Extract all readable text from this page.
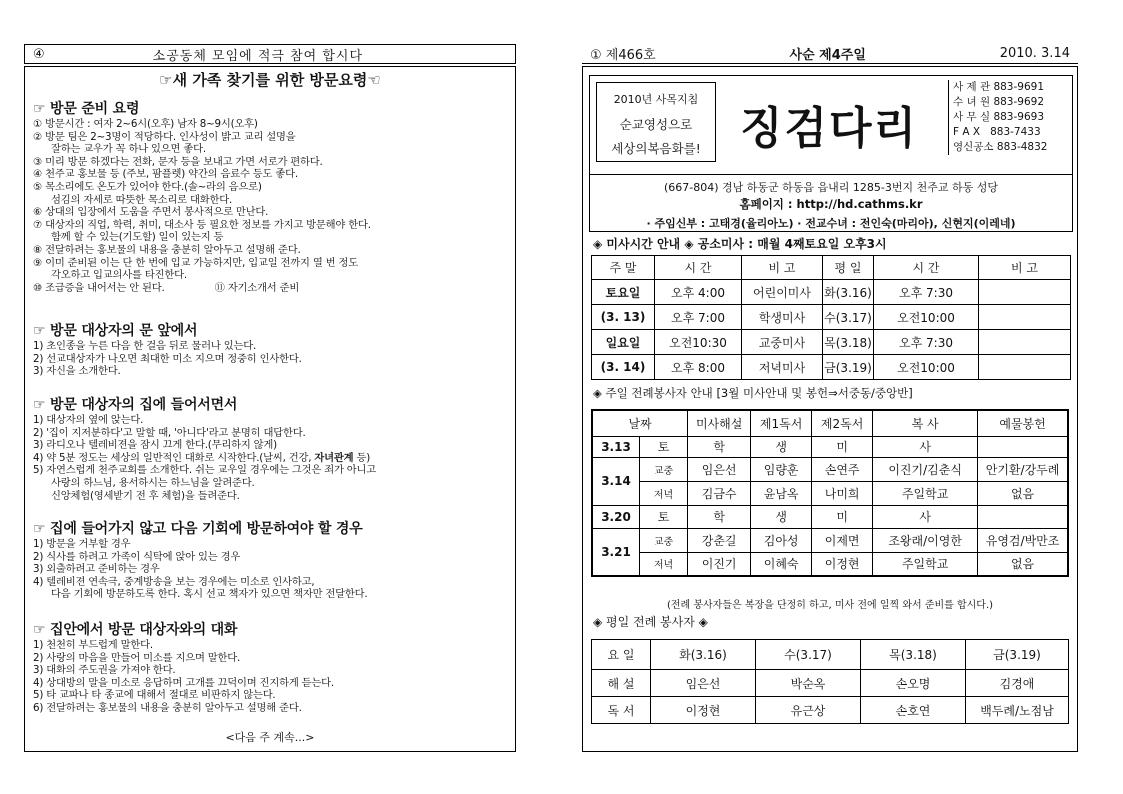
④	소공동체 모임에 적극 참여 합시다
☞새 가족 찾기를 위한 방문요령☜

☞ 방문 준비 요령

① 방문시간 : 여자 2~6시(오후) 남자 8~9시(오후)

② 방문 팀은 2~3명이 적당하다. 인사성이 밝고 교리 설명을

잘하는 교우가 꼭 하나 있으면 좋다.

③ 미리 방문 하겠다는 전화, 문자 등을 보내고 가면 서로가 편하다.

④ 천주교 홍보물 등 (주보, 팜플렛) 약간의 음료수 등도 좋다.

⑤ 목소리에도 온도가 있어야 한다.(솔~라의 음으로)

섬김의 자세로 따뜻한 목소리로 대화한다.

⑥ 상대의 입장에서 도움을 주면서 봉사적으로 만난다.

⑦ 대상자의 직업, 학력, 취미, 대소사 등 필요한 정보를 가지고 방문해야 한다.

함께 할 수 있는(기도할) 일이 있는지 등

⑧ 전달하려는 홍보물의 내용을 충분히 알아두고 설명해 준다.

⑨ 이미 준비된 이는 단 한 번에 입교 가능하지만, 입교일 전까지 열 번 정도

각오하고 입교의사를 타진한다.

⑩ 조급증을 내어서는 안 된다.	⑪ 자기소개서 준비

☞ 방문 대상자의 문 앞에서

1) 초인종을 누른 다음 한 걸음 뒤로 물러나 있는다.

2) 선교대상자가 나오면 최대한 미소 지으며 정중히 인사한다.

3) 자신을 소개한다.

☞ 방문 대상자의 집에 들어서면서

1) 대상자의 옆에 앉는다.

2) '집이 지저분하다'고 말할 때, '아니다'라고 분명히 대답한다.

3) 라디오나 텔레비젼을 잠시 끄게 한다.(무리하지 않게)

4) 약 5분 정도는 세상의 일반적인 대화로 시작한다.(날씨, 건강, 자녀관계 등)

5) 자연스럽게 천주교회를 소개한다. 쉬는 교우일 경우에는 그것은 죄가 아니고

사랑의 하느님, 용서하시는 하느님을 알려준다.

신앙체험(영세받기 전 후 체험)을 들려준다.

☞ 집에 들어가지 않고 다음 기회에 방문하여야 할 경우

1) 방문을 거부할 경우

2) 식사를 하려고 가족이 식탁에 앉아 있는 경우

3) 외출하려고 준비하는 경우

4) 텔레비젼 연속극, 중계방송을 보는 경우에는 미소로 인사하고,

다음 기회에 방문하도록 한다. 혹시 선교 책자가 있으면 책자만 전달한다.

☞ 집안에서 방문 대상자와의 대화

1) 천천히 부드럽게 말한다.

2) 사랑의 마음을 만들어 미소를 지으며 말한다.

3) 대화의 주도권을 가져야 한다.

4) 상대방의 말을 미소로 응답하며 고개를 끄덕이며 진지하게 듣는다.

5) 타 교파나 타 종교에 대해서 절대로 비판하지 않는다.

6) 전달하려는 홍보물의 내용을 충분히 알아두고 설명해 준다.

<다음 주 계속...>
① 제466호	사순 제4주일	2010. 3.14
2010년 사목지침
순교영성으로
세상의복음화를! 징검다리
사 제 관 883-9691
수 녀 원 883-9692
사 무 실 883-9693
F A X   883-7433
영신공소 883-4832
(667-804) 경남 하동군 하동읍 읍내리 1285-3번지 천주교 하동 성당
홈페이지 : http://hd.cathms.kr
· 주임신부 : 고태경(율리아노) · 전교수녀 : 전인숙(마리아), 신현지(이레네)
◈ 미사시간 안내 ◈ 공소미사 : 매월 4째토요일 오후3시
주 말	시 간	비 고	평 일	시 간	비 고
토요일	오후 4:00	어린이미사	화(3.16)	오후 7:30	
(3. 13)	오후 7:00	학생미사	수(3.17)	오전10:00	
일요일	오전10:30	교중미사	목(3.18)	오후 7:30	
(3. 14)	오후 8:00	저녁미사	금(3.19)	오전10:00	
◈ 주일 전례봉사자 안내 [3월 미사안내 및 봉헌⇒서중동/중앙반]
날짜		미사해설	제1독서	제2독서	복 사	예물봉헌
3.13	토	학	생	미	사	
3.14	교중	임은선	임량훈	손연주	이진기/김춘식	안기환/강두례
	저녁	김금수	윤남옥	나미희	주일학교	없음
3.20	토	학	생	미	사	
3.21	교중	강춘길	김아성	이제면	조왕래/이영한	유영검/박만조
	저녁	이진기	이혜숙	이정현	주일학교	없음
(전례 봉사자들은 복장을 단정히 하고, 미사 전에 일찍 와서 준비를 합시다.)
◈ 평일 전례 봉사자 ◈
요 일	화(3.16)	수(3.17)	목(3.18)	금(3.19)
해 설	임은선	박순옥	손오명	김경애
독 서	이정현	유근상	손호연	백두례/노점남
